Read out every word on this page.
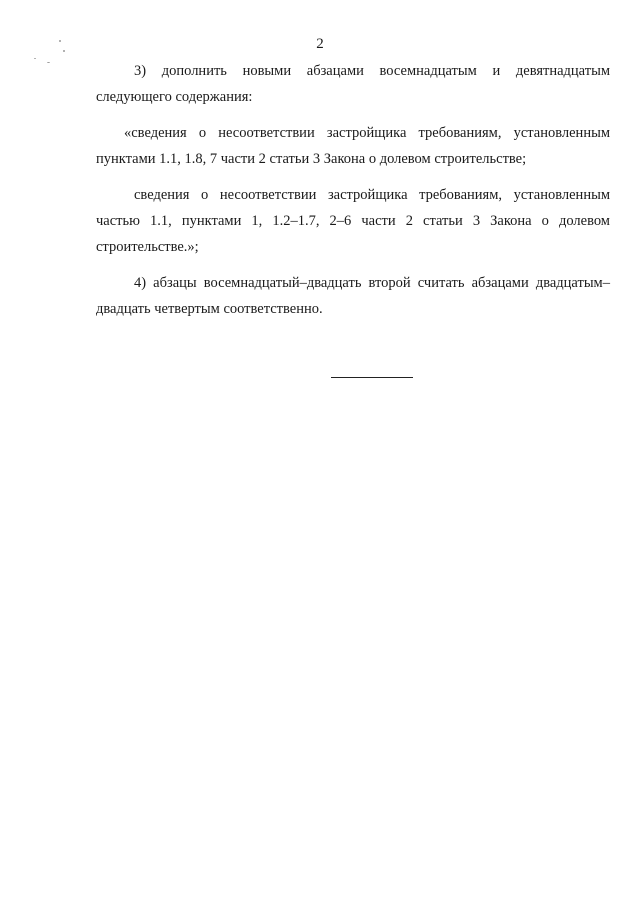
2

3) дополнить новыми абзацами восемнадцатым и девятнадцатым следующего содержания:

«сведения о несоответствии застройщика требованиям, установленным пунктами 1.1, 1.8, 7 части 2 статьи 3 Закона о долевом строительстве;

сведения о несоответствии застройщика требованиям, установленным частью 1.1, пунктами 1, 1.2–1.7, 2–6 части 2 статьи 3 Закона о долевом строительстве.»;

4) абзацы восемнадцатый–двадцать второй считать абзацами двадцатым–двадцать четвертым соответственно.
